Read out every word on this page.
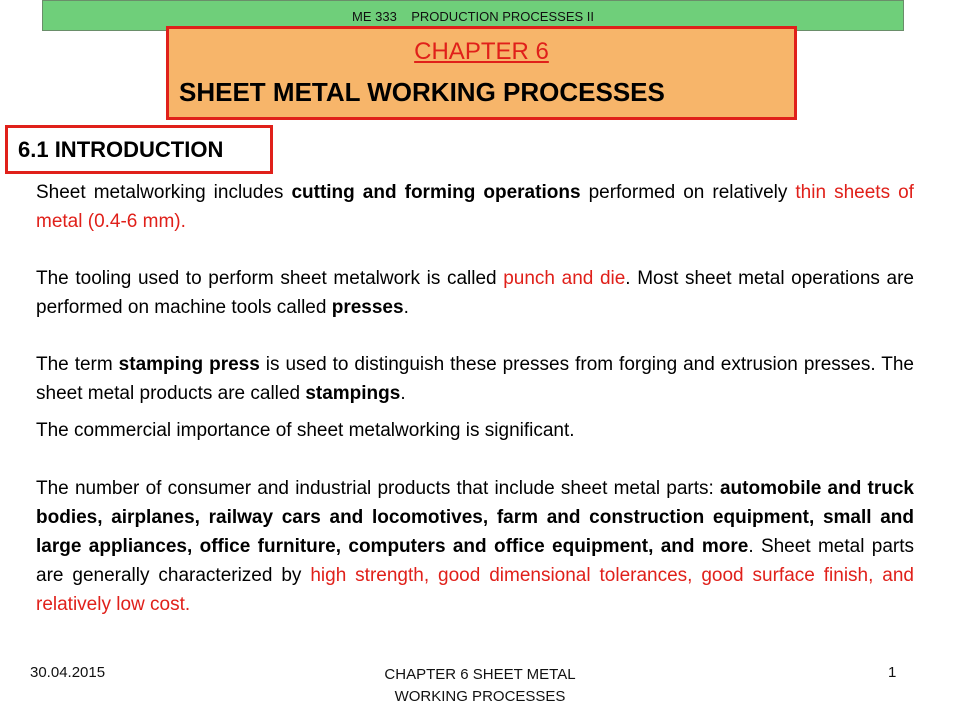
ME 333    PRODUCTION PROCESSES II
CHAPTER 6
SHEET METAL WORKING PROCESSES
6.1 INTRODUCTION
Sheet metalworking includes cutting and forming operations performed on relatively thin sheets of metal (0.4-6 mm).
The tooling used to perform sheet metalwork is called punch and die. Most sheet metal operations are performed on machine tools called presses.
The term stamping press is used to distinguish these presses from forging and extrusion presses. The sheet metal products are called stampings.
The commercial importance of sheet metalworking is significant.
The number of consumer and industrial products that include sheet metal parts: automobile and truck bodies, airplanes, railway cars and locomotives, farm and construction equipment, small and large appliances, office furniture, computers and office equipment, and more. Sheet metal parts are generally characterized by high strength, good dimensional tolerances, good surface finish, and relatively low cost.
30.04.2015	CHAPTER 6 SHEET METAL
WORKING PROCESSES
1
